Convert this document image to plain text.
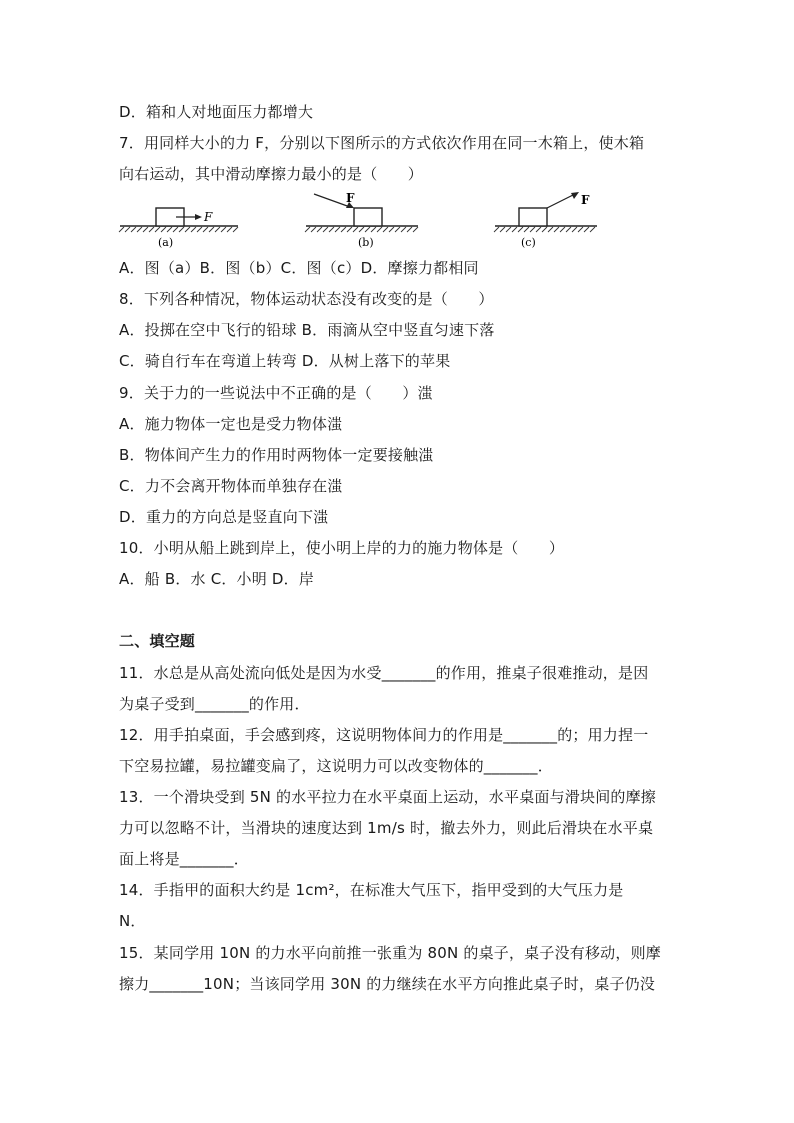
D．箱和人对地面压力都增大
7．用同样大小的力 F，分别以下图所示的方式依次作用在同一木箱上，使木箱
向右运动，其中滑动摩擦力最小的是（　　）
F
(a)
F
(b)
F
(c)
A．图（a）B．图（b）C．图（c）D．摩擦力都相同
8．下列各种情况，物体运动状态没有改变的是（　　）
A．投掷在空中飞行的铅球 B．雨滴从空中竖直匀速下落
C．骑自行车在弯道上转弯 D．从树上落下的苹果
9．关于力的一些说法中不正确的是（　　）滍
A．施力物体一定也是受力物体滍
B．物体间产生力的作用时两物体一定要接触滍
C．力不会离开物体而单独存在滍
D．重力的方向总是竖直向下滍
10．小明从船上跳到岸上，使小明上岸的力的施力物体是（　　）
A．船 B．水 C．小明 D．岸
二、填空题
11．水总是从高处流向低处是因为水受_______的作用，推桌子很难推动，是因
为桌子受到_______的作用．
12．用手拍桌面，手会感到疼，这说明物体间力的作用是_______的；用力捏一
下空易拉罐，易拉罐变扁了，这说明力可以改变物体的_______．
13．一个滑块受到 5N 的水平拉力在水平桌面上运动，水平桌面与滑块间的摩擦
力可以忽略不计，当滑块的速度达到 1m/s 时，撤去外力，则此后滑块在水平桌
面上将是_______．
14．手指甲的面积大约是 1cm²，在标准大气压下，指甲受到的大气压力是
N．
15．某同学用 10N 的力水平向前推一张重为 80N 的桌子，桌子没有移动，则摩
擦力_______10N；当该同学用 30N 的力继续在水平方向推此桌子时，桌子仍没
